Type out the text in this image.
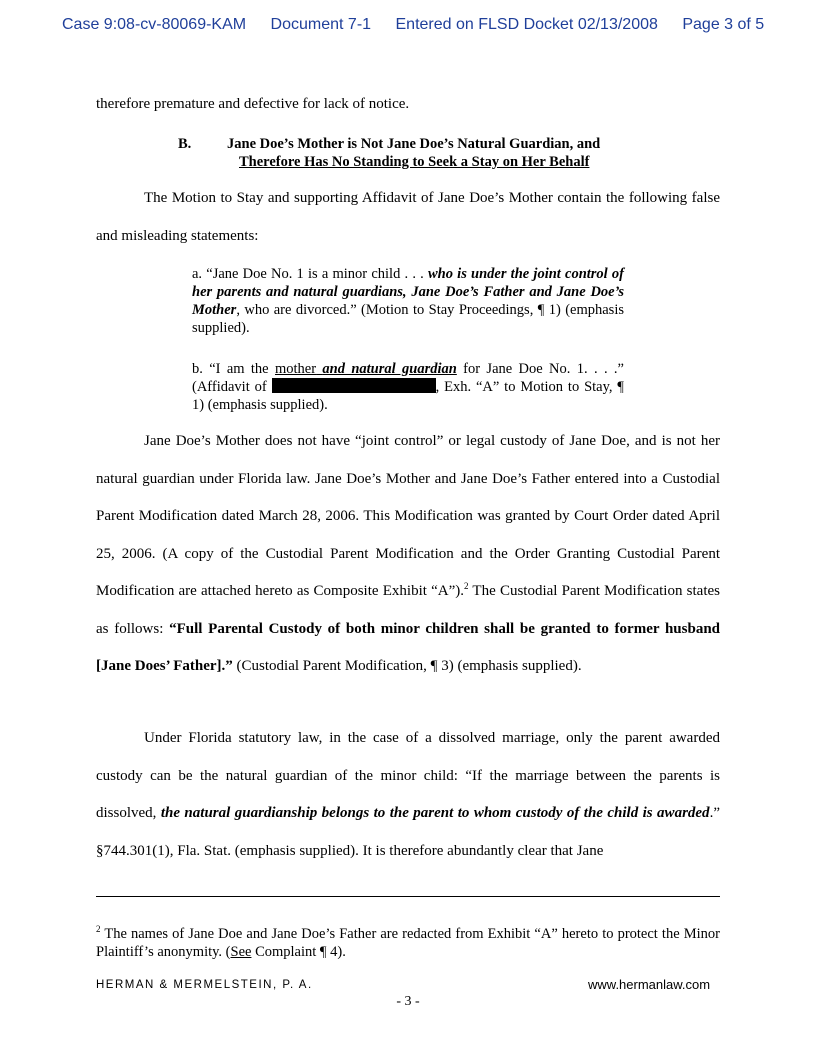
Case 9:08-cv-80069-KAM Document 7-1 Entered on FLSD Docket 02/13/2008 Page 3 of 5
therefore premature and defective for lack of notice.
B. Jane Doe’s Mother is Not Jane Doe’s Natural Guardian, and
Therefore Has No Standing to Seek a Stay on Her Behalf
The Motion to Stay and supporting Affidavit of Jane Doe’s Mother contain the following false and misleading statements:
a. “Jane Doe No. 1 is a minor child . . . who is under the joint control of her parents and natural guardians, Jane Doe’s Father and Jane Doe’s Mother, who are divorced.” (Motion to Stay Proceedings, ¶ 1) (emphasis supplied).
b. “I am the mother and natural guardian for Jane Doe No. 1. . . .” (Affidavit of	, Exh. “A” to Motion to Stay, ¶ 1) (emphasis supplied).
Jane Doe’s Mother does not have “joint control” or legal custody of Jane Doe, and is not her natural guardian under Florida law. Jane Doe’s Mother and Jane Doe’s Father entered into a Custodial Parent Modification dated March 28, 2006. This Modification was granted by Court Order dated April 25, 2006. (A copy of the Custodial Parent Modification and the Order Granting Custodial Parent Modification are attached hereto as Composite Exhibit “A”).$^2$ The Custodial Parent Modification states as follows: “Full Parental Custody of both minor children shall be granted to former husband [Jane Does’ Father].” (Custodial Parent Modification, ¶ 3) (emphasis supplied).
Under Florida statutory law, in the case of a dissolved marriage, only the parent awarded custody can be the natural guardian of the minor child: “If the marriage between the parents is dissolved, the natural guardianship belongs to the parent to whom custody of the child is awarded.” §744.301(1), Fla. Stat. (emphasis supplied). It is therefore abundantly clear that Jane
$^2$ The names of Jane Doe and Jane Doe’s Father are redacted from Exhibit “A” hereto to protect the Minor Plaintiff’s anonymity. (See Complaint ¶ 4).
HERMAN & MERMELSTEIN, P. A.	www.hermanlaw.com
- 3 -
